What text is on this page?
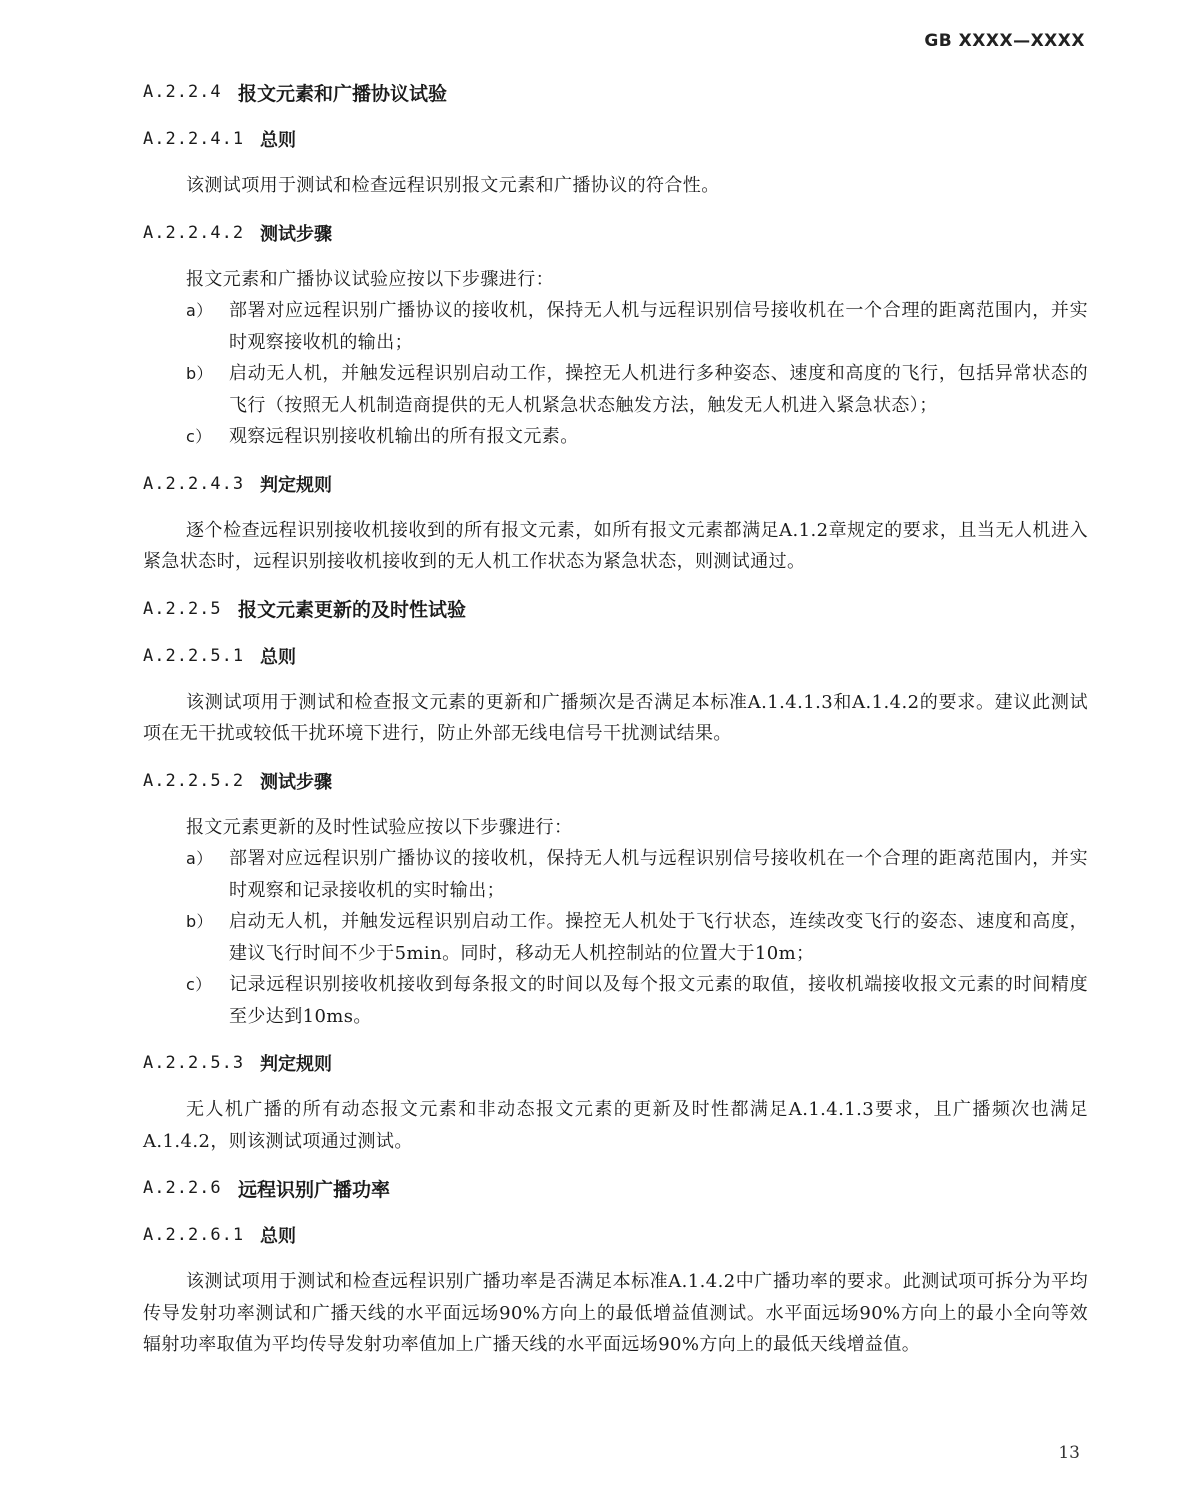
GB XXXX—XXXX
A.2.2.4 报文元素和广播协议试验
A.2.2.4.1 总则

该测试项用于测试和检查远程识别报文元素和广播协议的符合性。

A.2.2.4.2 测试步骤

报文元素和广播协议试验应按以下步骤进行：

a） 部署对应远程识别广播协议的接收机，保持无人机与远程识别信号接收机在一个合理的距离范围内，并实时观察接收机的输出；
b） 启动无人机，并触发远程识别启动工作，操控无人机进行多种姿态、速度和高度的飞行，包括异常状态的飞行（按照无人机制造商提供的无人机紧急状态触发方法，触发无人机进入紧急状态）；
c） 观察远程识别接收机输出的所有报文元素。
A.2.2.4.3 判定规则

逐个检查远程识别接收机接收到的所有报文元素，如所有报文元素都满足A.1.2章规定的要求，且当无人机进入紧急状态时，远程识别接收机接收到的无人机工作状态为紧急状态，则测试通过。

A.2.2.5 报文元素更新的及时性试验
A.2.2.5.1 总则

该测试项用于测试和检查报文元素的更新和广播频次是否满足本标准A.1.4.1.3和A.1.4.2的要求。建议此测试项在无干扰或较低干扰环境下进行，防止外部无线电信号干扰测试结果。

A.2.2.5.2 测试步骤

报文元素更新的及时性试验应按以下步骤进行：

a） 部署对应远程识别广播协议的接收机，保持无人机与远程识别信号接收机在一个合理的距离范围内，并实时观察和记录接收机的实时输出；
b） 启动无人机，并触发远程识别启动工作。操控无人机处于飞行状态，连续改变飞行的姿态、速度和高度，建议飞行时间不少于5min。同时，移动无人机控制站的位置大于10m；
c） 记录远程识别接收机接收到每条报文的时间以及每个报文元素的取值，接收机端接收报文元素的时间精度至少达到10ms。
A.2.2.5.3 判定规则

无人机广播的所有动态报文元素和非动态报文元素的更新及时性都满足A.1.4.1.3要求，且广播频次也满足A.1.4.2，则该测试项通过测试。

A.2.2.6 远程识别广播功率
A.2.2.6.1 总则

该测试项用于测试和检查远程识别广播功率是否满足本标准A.1.4.2中广播功率的要求。此测试项可拆分为平均传导发射功率测试和广播天线的水平面远场90%方向上的最低增益值测试。水平面远场90%方向上的最小全向等效辐射功率取值为平均传导发射功率值加上广播天线的水平面远场90%方向上的最低天线增益值。

13
